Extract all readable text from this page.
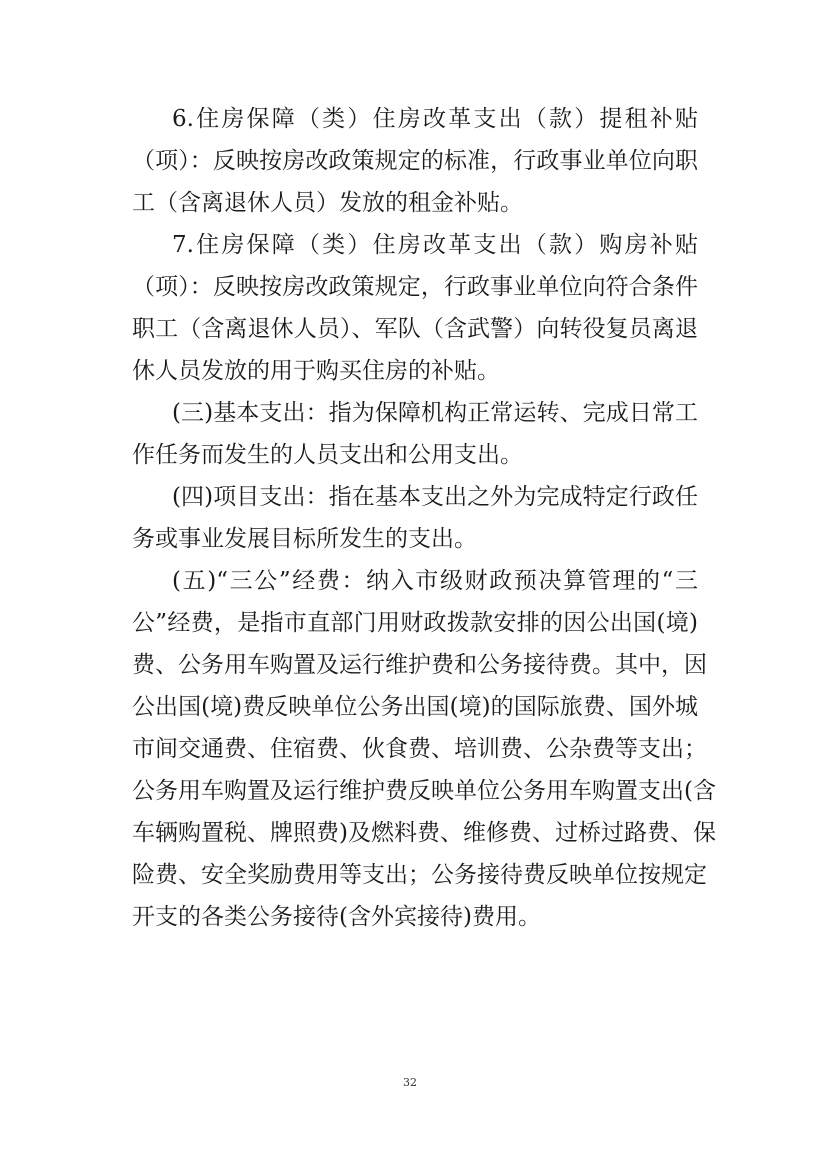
6.住房保障（类）住房改革支出（款）提租补贴
（项）：反映按房改政策规定的标准，行政事业单位向职
工（含离退休人员）发放的租金补贴。
7.住房保障（类）住房改革支出（款）购房补贴
（项）：反映按房改政策规定，行政事业单位向符合条件
职工（含离退休人员）、军队（含武警）向转役复员离退
休人员发放的用于购买住房的补贴。
(三)基本支出：指为保障机构正常运转、完成日常工
作任务而发生的人员支出和公用支出。
(四)项目支出：指在基本支出之外为完成特定行政任
务或事业发展目标所发生的支出。
(五)“三公”经费：纳入市级财政预决算管理的“三
公”经费，是指市直部门用财政拨款安排的因公出国(境)
费、公务用车购置及运行维护费和公务接待费。其中，因
公出国(境)费反映单位公务出国(境)的国际旅费、国外城
市间交通费、住宿费、伙食费、培训费、公杂费等支出；
公务用车购置及运行维护费反映单位公务用车购置支出(含
车辆购置税、牌照费)及燃料费、维修费、过桥过路费、保
险费、安全奖励费用等支出；公务接待费反映单位按规定
开支的各类公务接待(含外宾接待)费用。
32
